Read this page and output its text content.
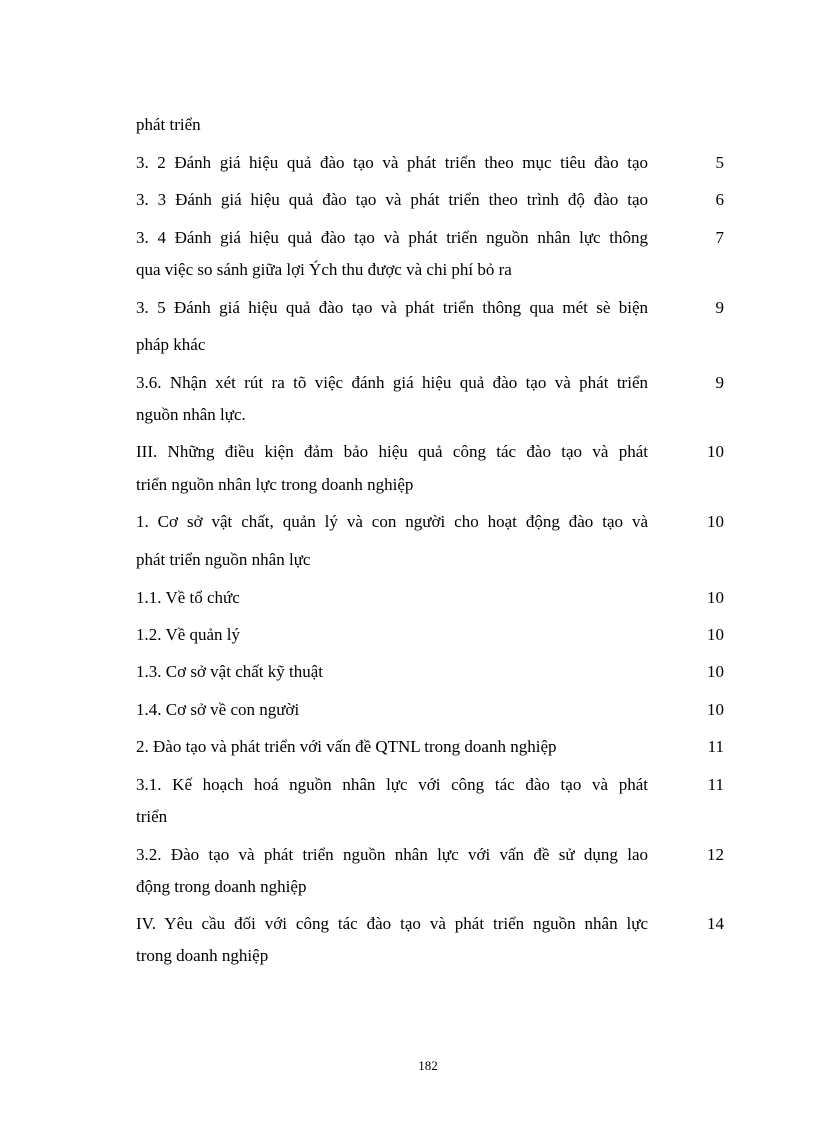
phát triển
3. 2 Đánh giá hiệu quả đào tạo và phát triển theo mục tiêu đào tạo	5
3. 3 Đánh giá hiệu quả đào tạo và phát triển theo trình độ đào tạo	6
3. 4 Đánh giá hiệu quả đào tạo và phát triển nguồn nhân lực thông	7
qua việc so sánh giữa lợi Ých thu được và chi phí bỏ ra
3. 5 Đánh giá hiệu quả đào tạo và phát triển thông qua mét sè biện	9
pháp khác
3.6. Nhận xét rút ra tõ việc đánh giá hiệu quả đào tạo và phát triển	9
nguồn nhân lực.
III. Những điều kiện đảm bảo hiệu quả công tác đào tạo và phát	10
triển nguồn nhân lực trong doanh nghiệp
1. Cơ sở vật chất, quản lý và con người cho hoạt động đào tạo và	10
phát triển nguồn nhân lực
1.1. Về tổ chức	10
1.2. Về quản lý	10
1.3. Cơ sở vật chất kỹ thuật	10
1.4. Cơ sở về con người	10
2. Đào tạo và phát triển với vấn đề QTNL trong doanh nghiệp	11
3.1. Kế hoạch hoá nguồn nhân lực với công tác đào tạo và phát	11
triển
3.2. Đào tạo và phát triển nguồn nhân lực với vấn đề sử dụng lao	12
động trong doanh nghiệp
IV. Yêu cầu đối với công tác đào tạo và phát triển nguồn nhân lực	14
trong doanh nghiệp
182
